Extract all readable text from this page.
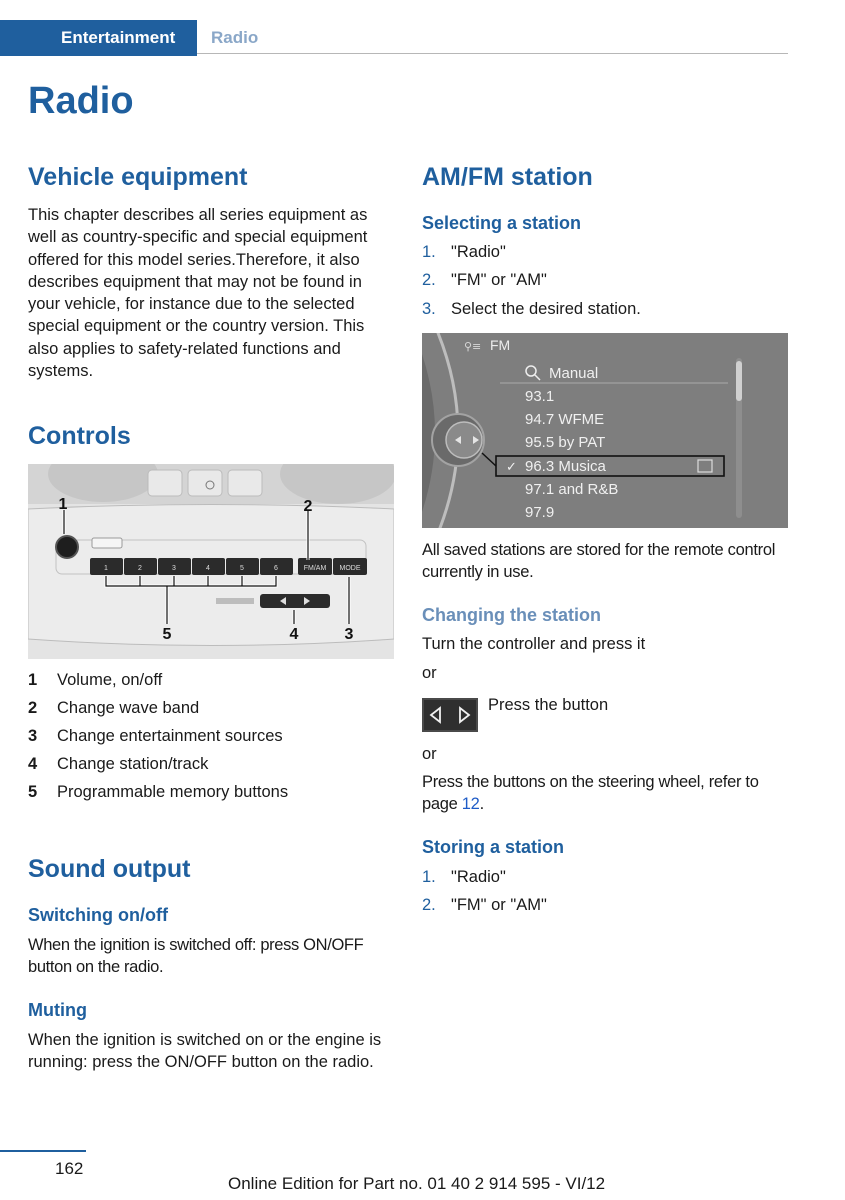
Entertainment Radio
Radio
Vehicle equipment

This chapter describes all series equipment as well as country-specific and special equipment offered for this model series.Therefore, it also describes equipment that may not be found in your vehicle, for instance due to the selected special equipment or the country version. This also applies to safety-related functions and systems.

Controls
1	2	3	4	5	6	FM/AM MODE
1	2
5	4	3
1 Volume, on/off
2 Change wave band
3 Change entertainment sources
4 Change station/track
5 Programmable memory buttons
Sound output
Switching on/off

When the ignition is switched off: press ON/OFF button on the radio.

Muting

When the ignition is switched on or the engine is running: press the ON/OFF button on the radio.

AM/FM station
Selecting a station
1. "Radio"
2. "FM" or "AM"
3. Select the desired station.
✓
⚲≡ FM
Manual
93.1
94.7 WFME
95.5 by PAT
96.3 Musica
97.1 and R&B
97.9

All saved stations are stored for the remote control currently in use.

Changing the station

Turn the controller and press it

or

Press the button

or

Press the buttons on the steering wheel, refer to page 12.

Storing a station
1. "Radio"
2. "FM" or "AM"
162
Online Edition for Part no. 01 40 2 914 595 - VI/12
